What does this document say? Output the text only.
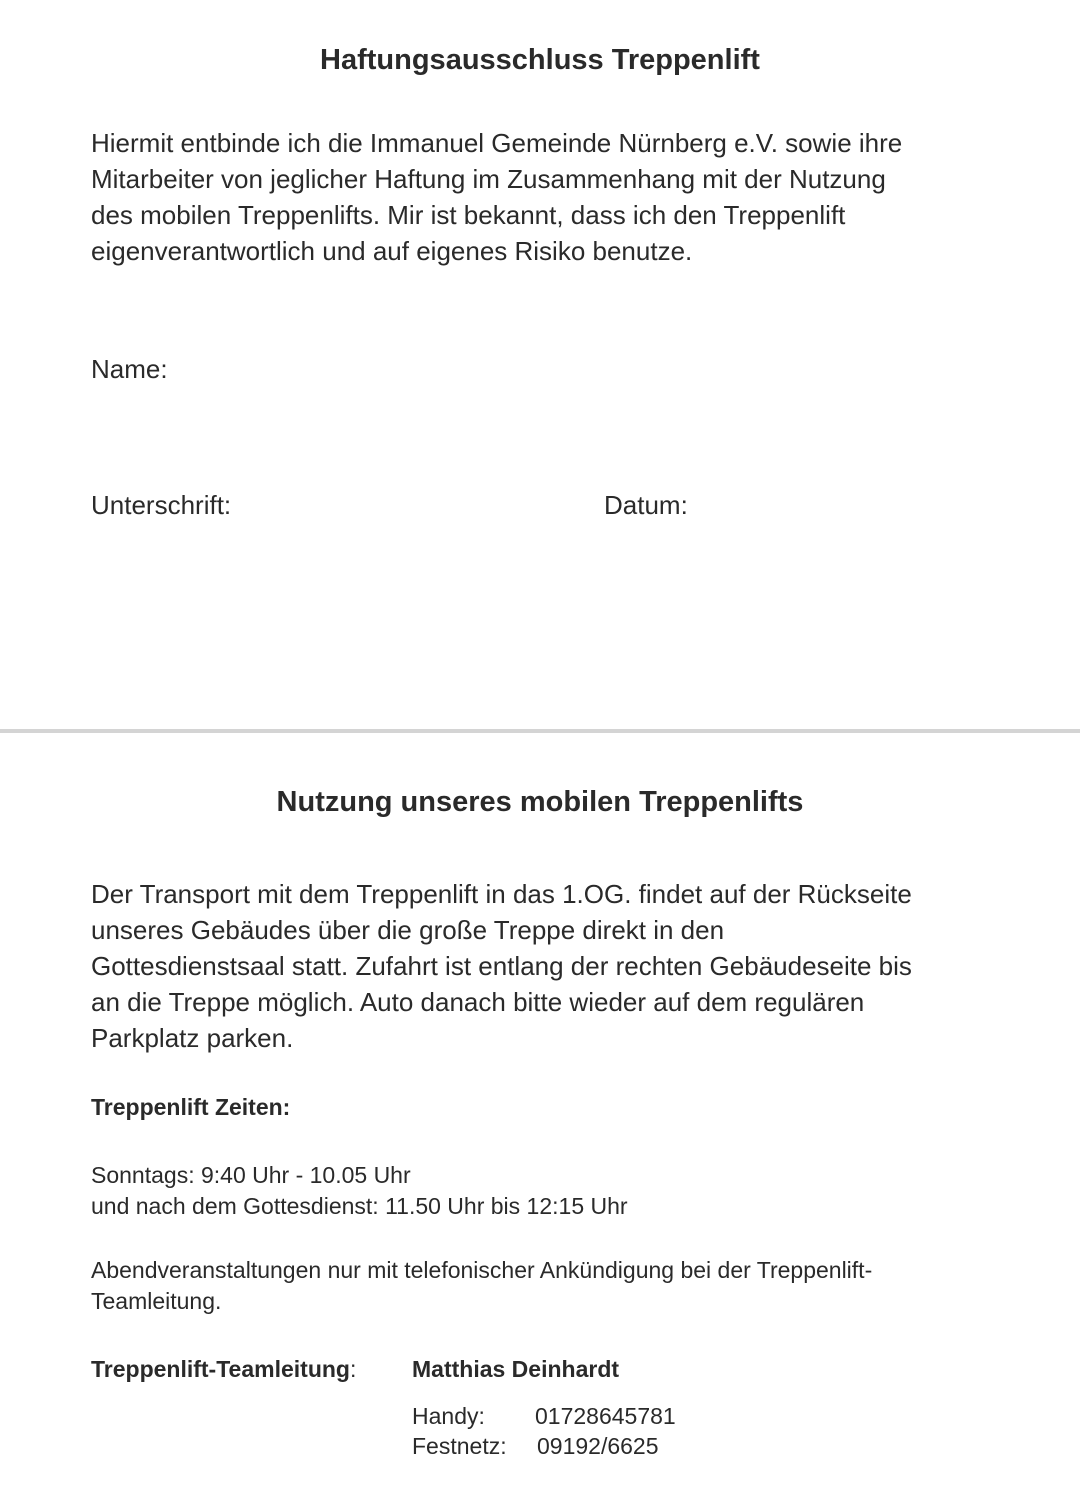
Haftungsausschluss Treppenlift
Hiermit entbinde ich die Immanuel Gemeinde Nürnberg e.V. sowie ihre
Mitarbeiter von jeglicher Haftung im Zusammenhang mit der Nutzung
des mobilen Treppenlifts. Mir ist bekannt, dass ich den Treppenlift
eigenverantwortlich und auf eigenes Risiko benutze.
Name:
Unterschrift:	Datum:
Nutzung unseres mobilen Treppenlifts
Der Transport mit dem Treppenlift in das 1.OG. findet auf der Rückseite
unseres Gebäudes über die große Treppe direkt in den
Gottesdienstsaal statt. Zufahrt ist entlang der rechten Gebäudeseite bis
an die Treppe möglich. Auto danach bitte wieder auf dem regulären
Parkplatz parken.
Treppenlift Zeiten:
Sonntags: 9:40 Uhr - 10.05 Uhr
und nach dem Gottesdienst: 11.50 Uhr bis 12:15 Uhr
Abendveranstaltungen nur mit telefonischer Ankündigung bei der Treppenlift-
Teamleitung.
Treppenlift-Teamleitung: Matthias Deinhardt
Handy: 01728645781
Festnetz: 09192/6625
